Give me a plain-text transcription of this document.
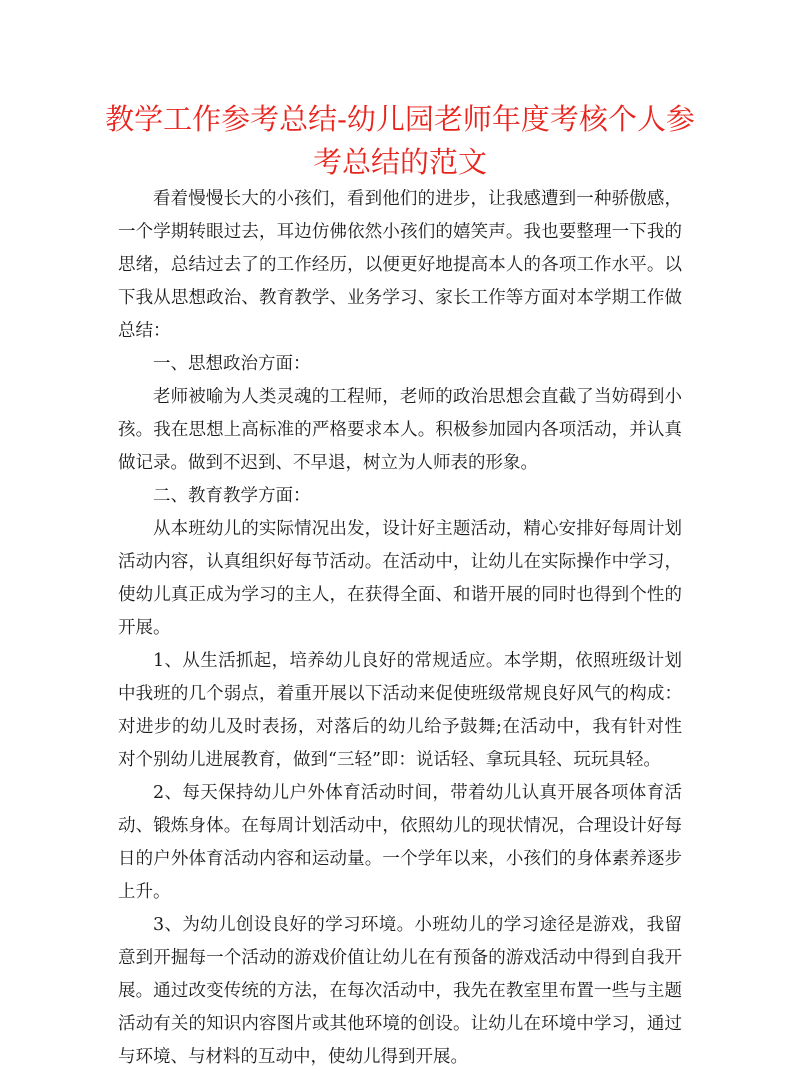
教学工作参考总结-幼儿园老师年度考核个人参考总结的范文

看着慢慢长大的小孩们，看到他们的进步，让我感遭到一种骄傲感，一个学期转眼过去，耳边仿佛依然小孩们的嬉笑声。我也要整理一下我的思绪，总结过去了的工作经历，以便更好地提高本人的各项工作水平。以下我从思想政治、教育教学、业务学习、家长工作等方面对本学期工作做总结：

一、思想政治方面：

老师被喻为人类灵魂的工程师，老师的政治思想会直截了当妨碍到小孩。我在思想上高标准的严格要求本人。积极参加园内各项活动，并认真做记录。做到不迟到、不早退，树立为人师表的形象。

二、教育教学方面：

从本班幼儿的实际情况出发，设计好主题活动，精心安排好每周计划活动内容，认真组织好每节活动。在活动中，让幼儿在实际操作中学习，使幼儿真正成为学习的主人，在获得全面、和谐开展的同时也得到个性的开展。

1、从生活抓起，培养幼儿良好的常规适应。本学期，依照班级计划中我班的几个弱点，着重开展以下活动来促使班级常规良好风气的构成：对进步的幼儿及时表扬，对落后的幼儿给予鼓舞;在活动中，我有针对性对个别幼儿进展教育，做到“三轻”即：说话轻、拿玩具轻、玩玩具轻。

2、每天保持幼儿户外体育活动时间，带着幼儿认真开展各项体育活动、锻炼身体。在每周计划活动中，依照幼儿的现状情况，合理设计好每日的户外体育活动内容和运动量。一个学年以来，小孩们的身体素养逐步上升。

3、为幼儿创设良好的学习环境。小班幼儿的学习途径是游戏，我留意到开掘每一个活动的游戏价值让幼儿在有预备的游戏活动中得到自我开展。通过改变传统的方法，在每次活动中，我先在教室里布置一些与主题活动有关的知识内容图片或其他环境的创设。让幼儿在环境中学习，通过与环境、与材料的互动中，使幼儿得到开展。
